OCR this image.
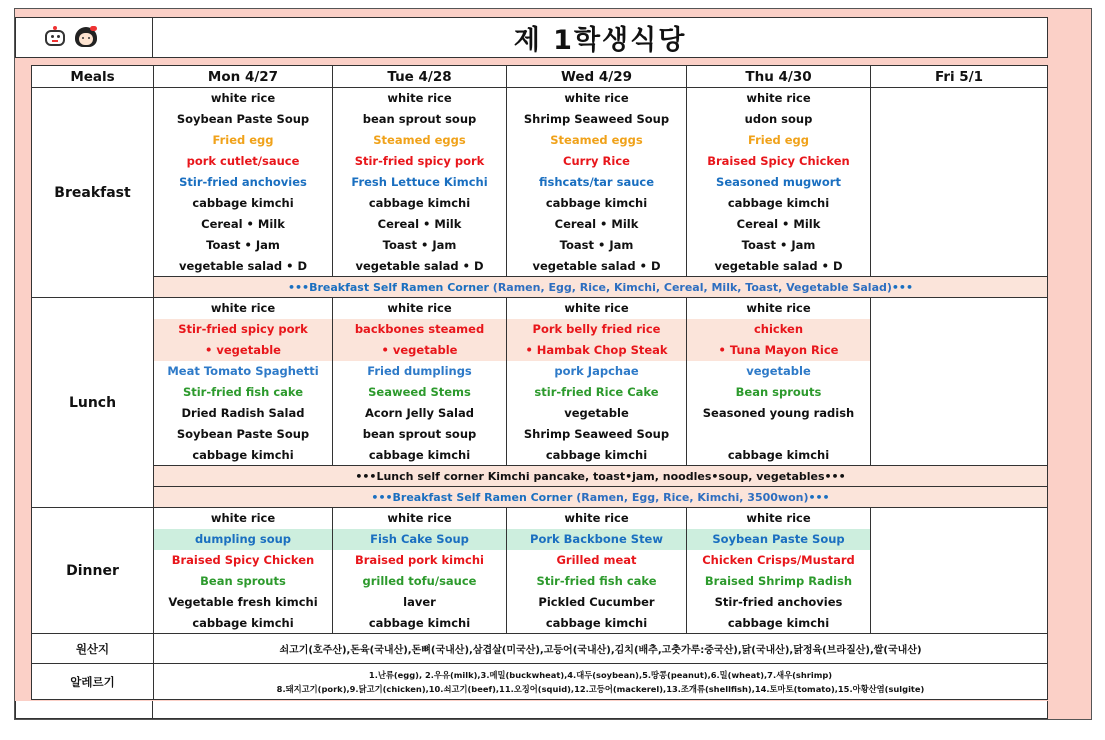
제 1학생식당
Meals	Mon 4/27	Tue 4/28	Wed 4/29	Thu 4/30	Fri 5/1
Breakfast	white rice	white rice	white rice	white rice	
	Soybean Paste Soup	bean sprout soup	Shrimp Seaweed Soup	udon soup	
	Fried egg	Steamed eggs	Steamed eggs	Fried egg	
	pork cutlet/sauce	Stir-fried spicy pork	Curry Rice	Braised Spicy Chicken	
	Stir-fried anchovies	Fresh Lettuce Kimchi	fishcats/tar sauce	Seasoned mugwort	
	cabbage kimchi	cabbage kimchi	cabbage kimchi	cabbage kimchi	
	Cereal • Milk	Cereal • Milk	Cereal • Milk	Cereal • Milk	
	Toast • Jam	Toast • Jam	Toast • Jam	Toast • Jam	
	vegetable salad • D	vegetable salad • D	vegetable salad • D	vegetable salad • D	
	•••Breakfast Self Ramen Corner (Ramen, Egg, Rice, Kimchi, Cereal, Milk, Toast, Vegetable Salad)•••				
Lunch	white rice	white rice	white rice	white rice	
	Stir-fried spicy pork	backbones steamed	Pork belly fried rice	chicken	
	• vegetable	• vegetable	• Hambak Chop Steak	• Tuna Mayon Rice	
	Meat Tomato Spaghetti	Fried dumplings	pork Japchae	vegetable	
	Stir-fried fish cake	Seaweed Stems	stir-fried Rice Cake	Bean sprouts	
	Dried Radish Salad	Acorn Jelly Salad	vegetable	Seasoned young radish	
	Soybean Paste Soup	bean sprout soup	Shrimp Seaweed Soup		
	cabbage kimchi	cabbage kimchi	cabbage kimchi	cabbage kimchi	
	•••Lunch self corner Kimchi pancake, toast•jam, noodles•soup, vegetables•••				
	•••Breakfast Self Ramen Corner (Ramen, Egg, Rice, Kimchi, 3500won)•••				
Dinner	white rice	white rice	white rice	white rice	
	dumpling soup	Fish Cake Soup	Pork Backbone Stew	Soybean Paste Soup	
	Braised Spicy Chicken	Braised pork kimchi	Grilled meat	Chicken Crisps/Mustard	
	Bean sprouts	grilled tofu/sauce	Stir-fried fish cake	Braised Shrimp Radish	
	Vegetable fresh kimchi	laver	Pickled Cucumber	Stir-fried anchovies	
	cabbage kimchi	cabbage kimchi	cabbage kimchi	cabbage kimchi	
원산지	쇠고기(호주산),돈육(국내산),돈뼈(국내산),삼겹살(미국산),고등어(국내산),김치(배추,고춧가루:중국산),닭(국내산),닭정육(브라질산),쌀(국내산)				
알레르기	1.난류(egg), 2.우유(milk),3.메밀(buckwheat),4.대두(soybean),5.땅콩(peanut),6.밀(wheat),7.새우(shrimp)
8.돼지고기(pork),9.닭고기(chicken),10.쇠고기(beef),11.오징어(squid),12.고등어(mackerel),13.조개류(shellfish),14.토마토(tomato),15.아황산염(sulgite)				
